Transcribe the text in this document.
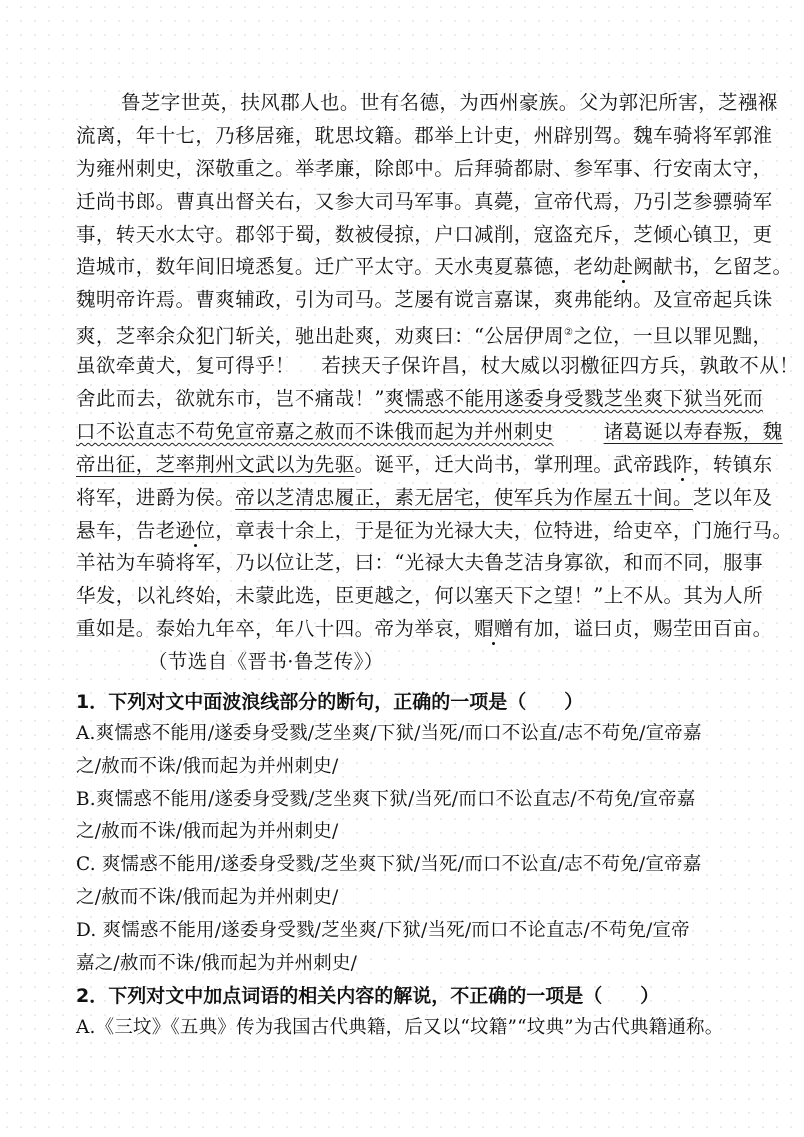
鲁芝字世英，扶风郡人也。世有名德，为西州豪族。父为郭汜所害，芝襁褓
流离，年十七，乃移居雍，耽思坟籍。郡举上计吏，州辟别驾。魏车骑将军郭淮
为雍州刺史，深敬重之。举孝廉，除郎中。后拜骑都尉、参军事、行安南太守，
迁尚书郎。曹真出督关右，又参大司马军事。真薨，宣帝代焉，乃引芝参骠骑军
事，转天水太守。郡邻于蜀，数被侵掠，户口减削，寇盗充斥，芝倾心镇卫，更
造城市，数年间旧境悉复。迁广平太守。天水夷夏慕德，老幼赴阙献书，乞留芝。
魏明帝许焉。曹爽辅政，引为司马。芝屡有谠言嘉谋，爽弗能纳。及宣帝起兵诛
爽，芝率余众犯门斩关，驰出赴爽，劝爽曰：“公居伊周②之位，一旦以罪见黜，
虽欲牵黄犬，复可得乎！　 若挟天子保许昌，杖大威以羽檄征四方兵，孰敢不从！
舍此而去，欲就东市，岂不痛哉！”爽懦惑不能用遂委身受戮芝坐爽下狱当死而
口不讼直志不苟免宣帝嘉之赦而不诛俄而起为并州刺史	诸葛诞以寿春叛，魏
帝出征，芝率荆州文武以为先驱。诞平，迁大尚书，掌刑理。武帝践阼，转镇东
将军，进爵为侯。帝以芝清忠履正，素无居宅，使军兵为作屋五十间。芝以年及
悬车，告老逊位，章表十余上，于是征为光禄大夫，位特进，给吏卒，门施行马。
羊祜为车骑将军，乃以位让芝，曰：“光禄大夫鲁芝洁身寡欲，和而不同，服事
华发，以礼终始，未蒙此选，臣更越之，何以塞天下之望！”上不从。其为人所
重如是。泰始九年卒，年八十四。帝为举哀，赗赠有加，谥曰贞，赐茔田百亩。
（节选自《晋书·鲁芝传》）
1．下列对文中面波浪线部分的断句，正确的一项是（　　）
A.爽懦惑不能用/遂委身受戮/芝坐爽/下狱/当死/而口不讼直/志不苟免/宣帝嘉
之/赦而不诛/俄而起为并州刺史/
B.爽懦惑不能用/遂委身受戮/芝坐爽下狱/当死/而口不讼直志/不苟免/宣帝嘉
之/赦而不诛/俄而起为并州刺史/
C. 爽懦惑不能用/遂委身受戮/芝坐爽下狱/当死/而口不讼直/志不苟免/宣帝嘉
之/赦而不诛/俄而起为并州刺史/
D. 爽懦惑不能用/遂委身受戮/芝坐爽/下狱/当死/而口不论直志/不苟免/宣帝
嘉之/赦而不诛/俄而起为并州刺史/
2．下列对文中加点词语的相关内容的解说，不正确的一项是（　　）
A.《三坟》《五典》传为我国古代典籍，后又以“坟籍”“坟典”为古代典籍通称。
